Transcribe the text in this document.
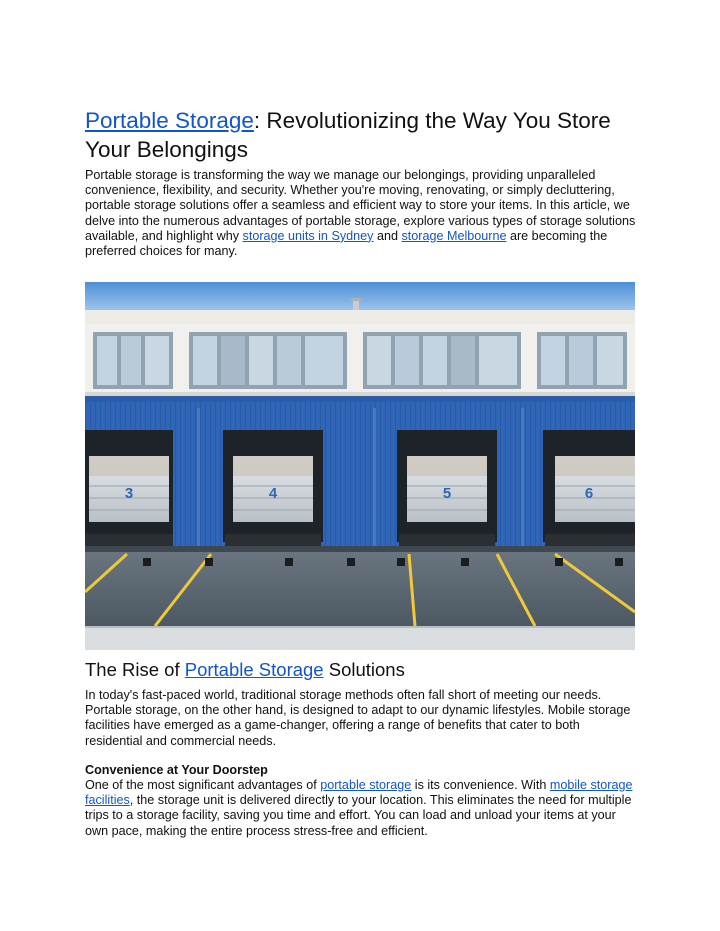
Portable Storage: Revolutionizing the Way You Store Your Belongings

Portable storage is transforming the way we manage our belongings, providing unparalleled convenience, flexibility, and security. Whether you're moving, renovating, or simply decluttering, portable storage solutions offer a seamless and efficient way to store your items. In this article, we delve into the numerous advantages of portable storage, explore various types of storage solutions available, and highlight why storage units in Sydney and storage Melbourne are becoming the preferred choices for many.

3	4	5	6
The Rise of Portable Storage Solutions

In today's fast-paced world, traditional storage methods often fall short of meeting our needs. Portable storage, on the other hand, is designed to adapt to our dynamic lifestyles. Mobile storage facilities have emerged as a game-changer, offering a range of benefits that cater to both residential and commercial needs.

Convenience at Your Doorstep

One of the most significant advantages of portable storage is its convenience. With mobile storage facilities, the storage unit is delivered directly to your location. This eliminates the need for multiple trips to a storage facility, saving you time and effort. You can load and unload your items at your own pace, making the entire process stress-free and efficient.
